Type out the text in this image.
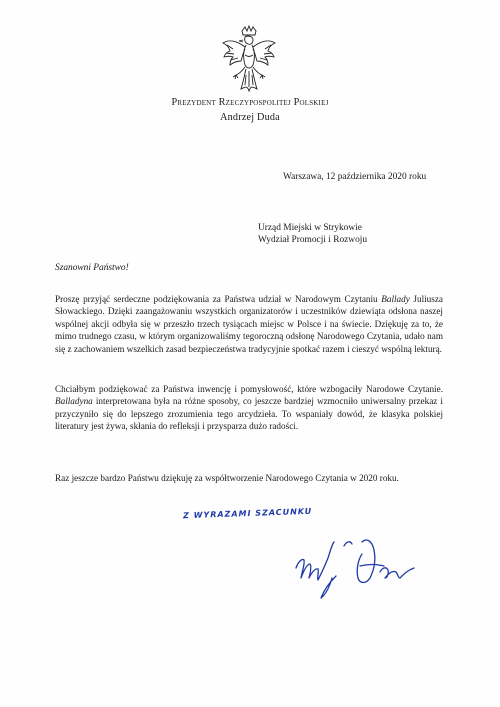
Prezydent Rzeczypospolitej Polskiej
Andrzej Duda
Warszawa, 12 października 2020 roku
Urząd Miejski w Strykowie
Wydział Promocji i Rozwoju
Szanowni Państwo!
Proszę przyjąć serdeczne podziękowania za Państwa udział w Narodowym Czytaniu Ballady Juliusza Słowackiego. Dzięki zaangażowaniu wszystkich organizatorów i uczestników dziewiąta odsłona naszej wspólnej akcji odbyła się w przeszło trzech tysiącach miejsc w Polsce i na świecie. Dziękuję za to, że mimo trudnego czasu, w którym organizowaliśmy tegoroczną odsłonę Narodowego Czytania, udało nam się z zachowaniem wszelkich zasad bezpieczeństwa tradycyjnie spotkać razem i cieszyć wspólną lekturą.
Chciałbym podziękować za Państwa inwencję i pomysłowość, które wzbogaciły Narodowe Czytanie. Balladyna interpretowana była na różne sposoby, co jeszcze bardziej wzmocniło uniwersalny przekaz i przyczyniło się do lepszego zrozumienia tego arcydzieła. To wspaniały dowód, że klasyka polskiej literatury jest żywa, skłania do refleksji i przysparza dużo radości.
Raz jeszcze bardzo Państwu dziękuję za współtworzenie Narodowego Czytania w 2020 roku.
Z WYRAZAMI SZACUNKU
